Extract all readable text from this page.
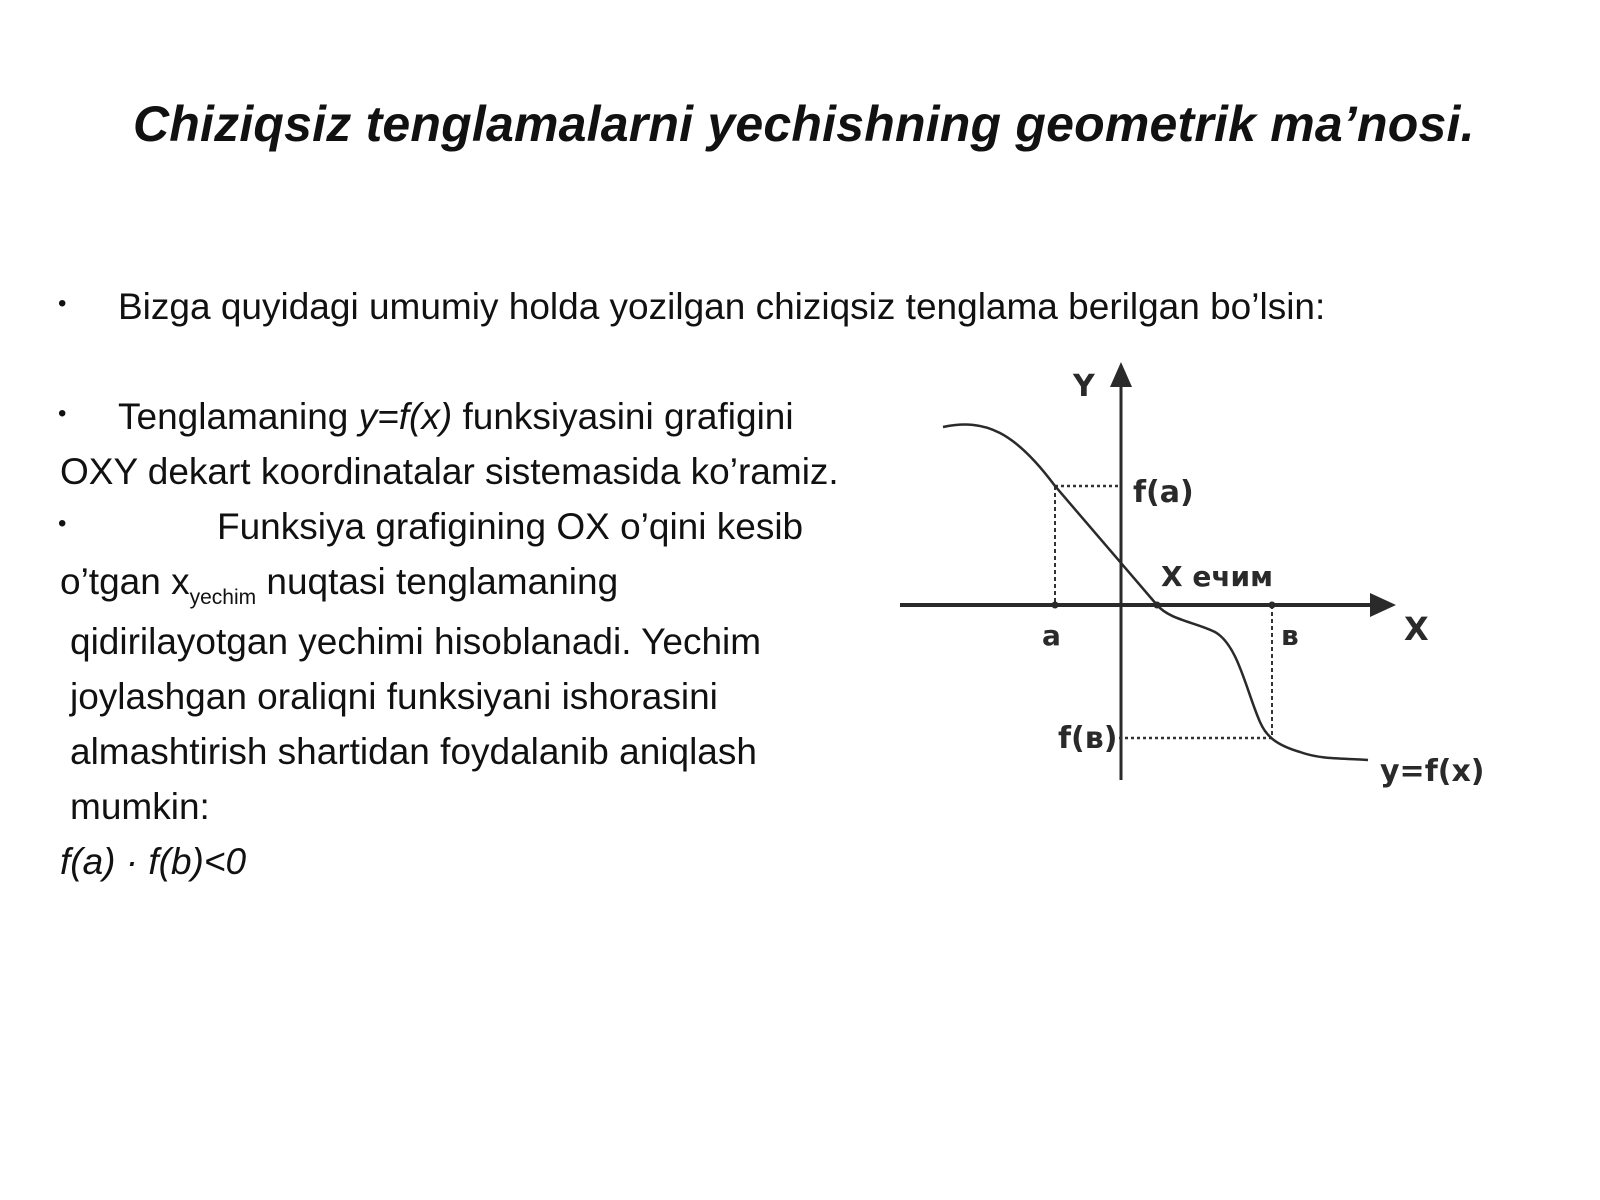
Chiziqsiz tenglamalarni yechishning geometrik ma’nosi.
• Bizga quyidagi umumiy holda yozilgan chiziqsiz tenglama berilgan bo’lsin:
• Tenglamaning y=f(x) funksiyasini grafigini
OXY dekart koordinatalar sistemasida ko’ramiz.
•	Funksiya grafigining OX o’qini kesib
o’tgan $x_{yechim}$ nuqtasi tenglamaning
qidirilayotgan yechimi hisoblanadi. Yechim
joylashgan oraliqni funksiyani ishorasini
almashtirish shartidan foydalanib aniqlash
mumkin:
f(a) · f(b)<0
Y
X
f(a)
X ечим
a	в
f(в)
y=f(x)
